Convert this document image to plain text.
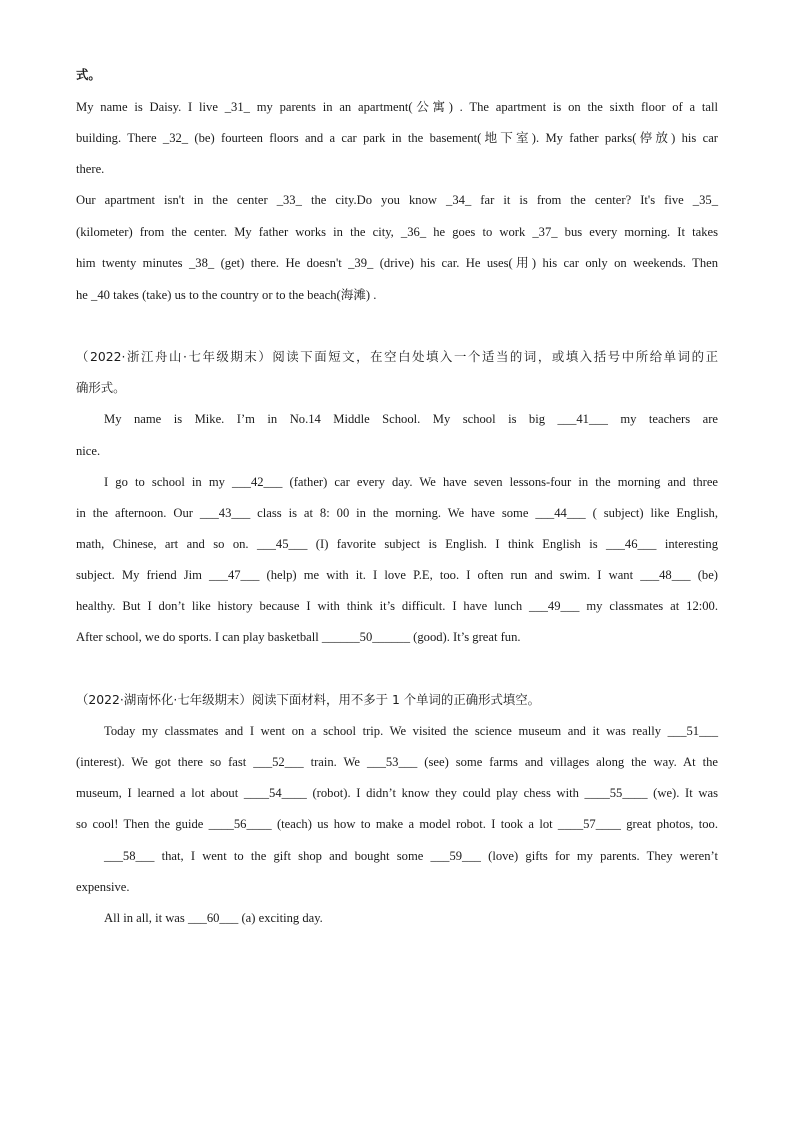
式。
My name is Daisy. I live _31_ my parents in an apartment(公寓) . The apartment is on the sixth floor of a tall
building. There _32_ (be) fourteen floors and a car park in the basement(地下室). My father parks(停放) his car
there.
Our apartment isn't in the center _33_ the city.Do you know _34_ far it is from the center? It's five _35_
(kilometer) from the center. My father works in the city, _36_ he goes to work _37_ bus every morning. It takes
him twenty minutes _38_ (get) there. He doesn't _39_ (drive) his car. He uses(用) his car only on weekends. Then
he _40 takes (take) us to the country or to the beach(海滩) .
（2022·浙江舟山·七年级期末）阅读下面短文，在空白处填入一个适当的词，或填入括号中所给单词的正
确形式。
My name is Mike. I’m in No.14 Middle School. My school is big ___41___ my teachers are
nice.
I go to school in my ___42___ (father) car every day. We have seven lessons-four in the morning and three
in the afternoon. Our ___43___ class is at 8: 00 in the morning. We have some ___44___ ( subject) like English,
math, Chinese, art and so on. ___45___ (I) favorite subject is English. I think English is ___46___ interesting
subject. My friend Jim ___47___ (help) me with it. I love P.E, too. I often run and swim. I want ___48___ (be)
healthy. But I don’t like history because I with think it’s difficult. I have lunch ___49___ my classmates at 12:00.
After school, we do sports. I can play basketball ______50______ (good). It’s great fun.
（2022·湖南怀化·七年级期末）阅读下面材料，用不多于 1 个单词的正确形式填空。
Today my classmates and I went on a school trip. We visited the science museum and it was really ___51___
(interest). We got there so fast ___52___ train. We ___53___ (see) some farms and villages along the way. At the
museum, I learned a lot about ____54____ (robot). I didn’t know they could play chess with ____55____ (we). It was
so cool! Then the guide ____56____ (teach) us how to make a model robot. I took a lot ____57____ great photos, too.
___58___ that, I went to the gift shop and bought some ___59___ (love) gifts for my parents. They weren’t
expensive.
All in all, it was ___60___ (a) exciting day.
